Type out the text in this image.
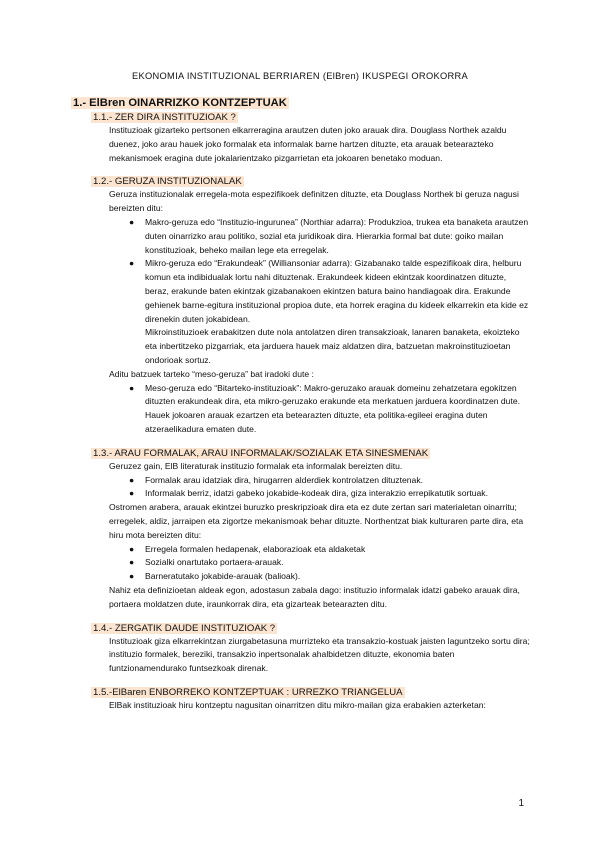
EKONOMIA INSTITUZIONAL BERRIAREN (ElBren) IKUSPEGI OROKORRA
1.- ElBren OINARRIZKO KONTZEPTUAK
1.1.- ZER DIRA INSTITUZIOAK ?
Instituzioak gizarteko pertsonen elkarreragina arautzen duten joko arauak dira. Douglass Northek azaldu duenez, joko arau hauek joko formalak eta informalak barne hartzen dituzte, eta arauak betearazteko mekanismoek eragina dute jokalarientzako pizgarrietan eta jokoaren benetako moduan.
1.2.- GERUZA INSTITUZIONALAK
Geruza instituzionalak erregela-mota espezifikoek definitzen dituzte, eta Douglass Northek bi geruza nagusi bereizten ditu:
● Makro-geruza edo “Instituzio-ingurunea” (Northiar adarra): Produkzioa, trukea eta banaketa arautzen duten oinarrizko arau politiko, sozial eta juridikoak dira. Hierarkia formal bat dute: goiko mailan konstituzioak, beheko mailan lege eta erregelak.
● Mikro-geruza edo “Erakundeak” (Williansoniar adarra): Gizabanako talde espezifikoak dira, helburu komun eta indibidualak lortu nahi dituztenak. Erakundeek kideen ekintzak koordinatzen dituzte, beraz, erakunde baten ekintzak gizabanakoen ekintzen batura baino handiagoak dira. Erakunde gehienek barne-egitura instituzional propioa dute, eta horrek eragina du kideek elkarrekin eta kide ez direnekin duten jokabidean.
Mikroinstituzioek erabakitzen dute nola antolatzen diren transakzioak, lanaren banaketa, ekoizteko eta inbertitzeko pizgarriak, eta jarduera hauek maiz aldatzen dira, batzuetan makroinstituzioetan ondorioak sortuz.
Aditu batzuek tarteko “meso-geruza” bat iradoki dute :
● Meso-geruza edo “Bitarteko-instituzioak”: Makro-geruzako arauak domeinu zehatzetara egokitzen dituzten erakundeak dira, eta mikro-geruzako erakunde eta merkatuen jarduera koordinatzen dute. Hauek jokoaren arauak ezartzen eta betearazten dituzte, eta politika-egileei eragina duten atzeraelikadura ematen dute.
1.3.- ARAU FORMALAK, ARAU INFORMALAK/SOZIALAK ETA SINESMENAK
Geruzez gain, ElB literaturak instituzio formalak eta informalak bereizten ditu.
● Formalak arau idatziak dira, hirugarren alderdiek kontrolatzen dituztenak.
● Informalak berriz, idatzi gabeko jokabide-kodeak dira, giza interakzio errepikatutik sortuak.
Ostromen arabera, arauak ekintzei buruzko preskripzioak dira eta ez dute zertan sari materialetan oinarritu; erregelek, aldiz, jarraipen eta zigortze mekanismoak behar dituzte. Northentzat biak kulturaren parte dira, eta hiru mota bereizten ditu:
● Erregela formalen hedapenak, elaborazioak eta aldaketak
● Sozialki onartutako portaera-arauak.
● Barneratutako jokabide-arauak (balioak).
Nahiz eta definizioetan aldeak egon, adostasun zabala dago: instituzio informalak idatzi gabeko arauak dira, portaera moldatzen dute, iraunkorrak dira, eta gizarteak betearazten ditu.
1.4.- ZERGATIK DAUDE INSTITUZIOAK ?
Instituzioak giza elkarrekintzan ziurgabetasuna murrizteko eta transakzio-kostuak jaisten laguntzeko sortu dira; instituzio formalek, bereziki, transakzio inpertsonalak ahalbidetzen dituzte, ekonomia baten funtzionamendurako funtsezkoak direnak.
1.5.-ElBaren ENBORREKO KONTZEPTUAK : URREZKO TRIANGELUA
ElBak instituzioak hiru kontzeptu nagusitan oinarritzen ditu mikro-mailan giza erabakien azterketan:
1
